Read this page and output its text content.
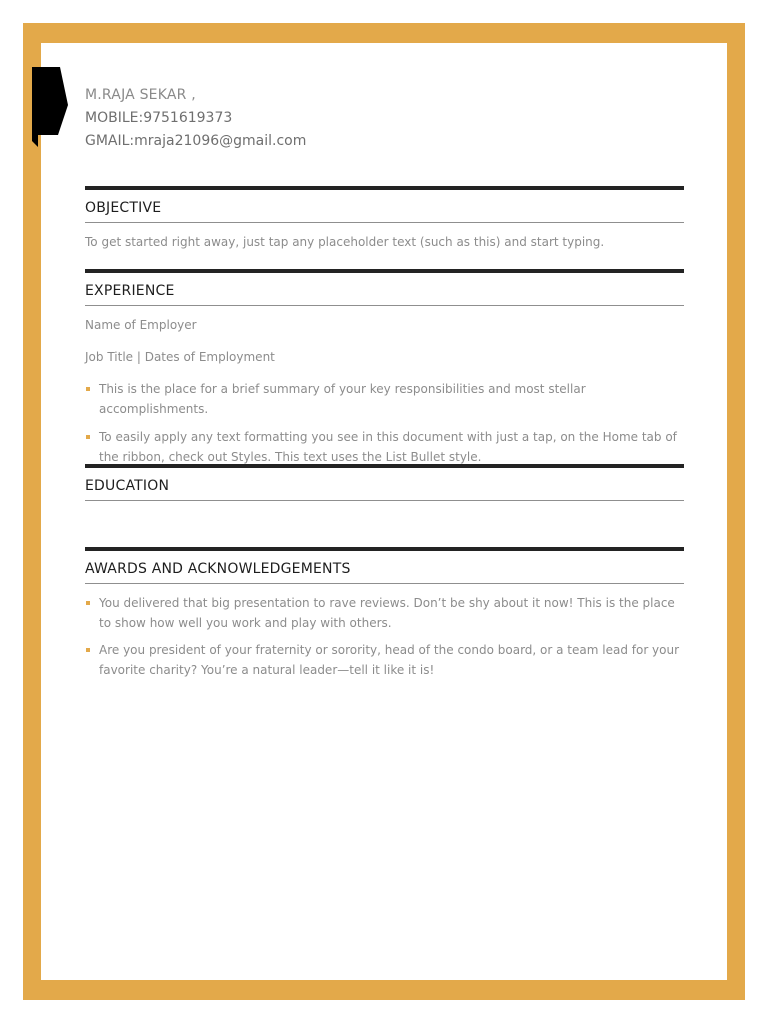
M.RAJA SEKAR ,
MOBILE:9751619373
GMAIL:mraja21096@gmail.com
OBJECTIVE
To get started right away, just tap any placeholder text (such as this) and start typing.
EXPERIENCE
Name of Employer
Job Title | Dates of Employment
This is the place for a brief summary of your key responsibilities and most stellar accomplishments.
To easily apply any text formatting you see in this document with just a tap, on the Home tab of the ribbon, check out Styles. This text uses the List Bullet style.
EDUCATION
AWARDS AND ACKNOWLEDGEMENTS
You delivered that big presentation to rave reviews. Don’t be shy about it now! This is the place to show how well you work and play with others.
Are you president of your fraternity or sorority, head of the condo board, or a team lead for your favorite charity? You’re a natural leader—tell it like it is!
